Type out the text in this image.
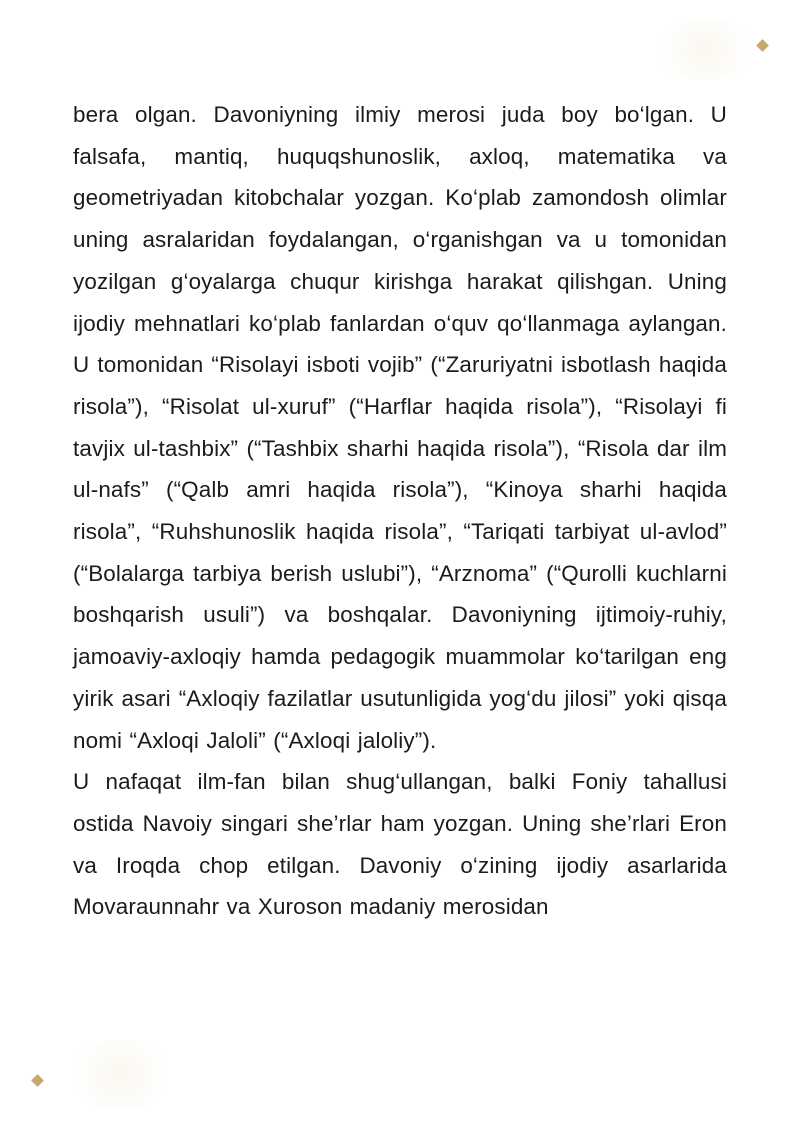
bera olgan. Davoniyning ilmiy merosi juda boy bo‘lgan. U falsafa, mantiq, huquqshunoslik, axloq, matematika va geometriyadan kitobchalar yozgan. Ko‘plab zamondosh olimlar uning asralaridan foydalangan, o‘rganishgan va u tomonidan yozilgan g‘oyalarga chuqur kirishga harakat qilishgan. Uning ijodiy mehnatlari ko‘plab fanlardan o‘quv qo‘llanmaga aylangan. U tomonidan “Risolayi isboti vojib” (“Zaruriyatni isbotlash haqida risola”), “Risolat ul-xuruf” (“Harflar haqida risola”), “Risolayi fi tavjix ul-tashbix” (“Tashbix sharhi haqida risola”), “Risola dar ilm ul-nafs” (“Qalb amri haqida risola”), “Kinoya sharhi haqida risola”, “Ruhshunoslik haqida risola”, “Tariqati tarbiyat ul-avlod” (“Bolalarga tarbiya berish uslubi”), “Arznoma” (“Qurolli kuchlarni boshqarish usuli”) va boshqalar. Davoniyning ijtimoiy-ruhiy, jamoaviy-axloqiy hamda pedagogik muammolar ko‘tarilgan eng yirik asari “Axloqiy fazilatlar usutunligida yog‘du jilosi” yoki qisqa nomi “Axloqi Jaloli” (“Axloqi jaloliy”).

U nafaqat ilm-fan bilan shug‘ullangan, balki Foniy tahallusi ostida Navoiy singari she’rlar ham yozgan. Uning she’rlari Eron va Iroqda chop etilgan. Davoniy o‘zining ijodiy asarlarida Movaraunnahr va Xuroson madaniy merosidan
